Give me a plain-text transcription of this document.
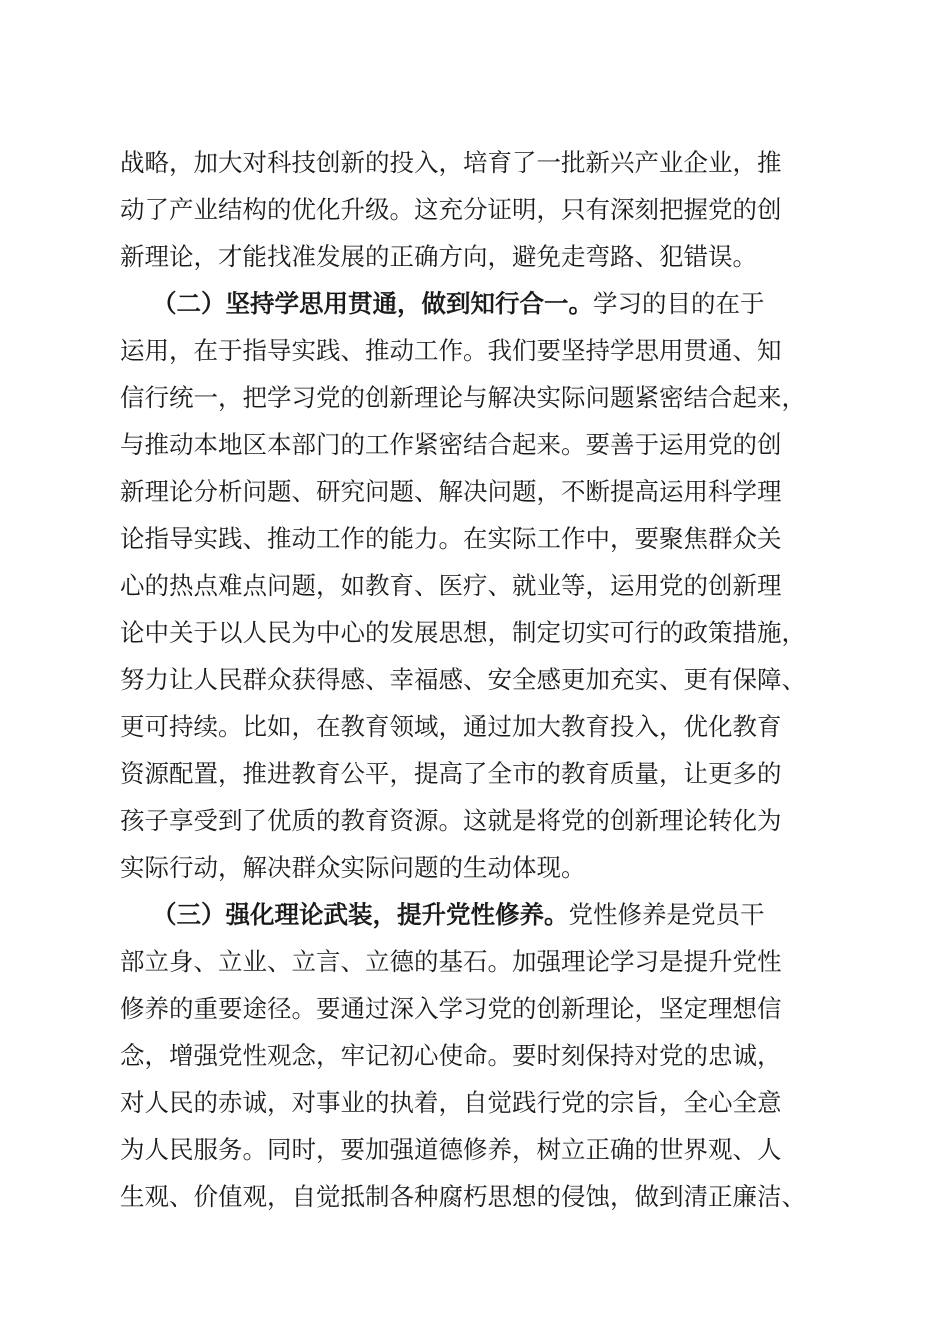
战略，加大对科技创新的投入，培育了一批新兴产业企业，推
动了产业结构的优化升级。这充分证明，只有深刻把握党的创
新理论，才能找准发展的正确方向，避免走弯路、犯错误。
（二）坚持学思用贯通，做到知行合一。学习的目的在于
运用，在于指导实践、推动工作。我们要坚持学思用贯通、知
信行统一，把学习党的创新理论与解决实际问题紧密结合起来，
与推动本地区本部门的工作紧密结合起来。要善于运用党的创
新理论分析问题、研究问题、解决问题，不断提高运用科学理
论指导实践、推动工作的能力。在实际工作中，要聚焦群众关
心的热点难点问题，如教育、医疗、就业等，运用党的创新理
论中关于以人民为中心的发展思想，制定切实可行的政策措施，
努力让人民群众获得感、幸福感、安全感更加充实、更有保障、
更可持续。比如，在教育领域，通过加大教育投入，优化教育
资源配置，推进教育公平，提高了全市的教育质量，让更多的
孩子享受到了优质的教育资源。这就是将党的创新理论转化为
实际行动，解决群众实际问题的生动体现。
（三）强化理论武装，提升党性修养。党性修养是党员干
部立身、立业、立言、立德的基石。加强理论学习是提升党性
修养的重要途径。要通过深入学习党的创新理论，坚定理想信
念，增强党性观念，牢记初心使命。要时刻保持对党的忠诚，
对人民的赤诚，对事业的执着，自觉践行党的宗旨，全心全意
为人民服务。同时，要加强道德修养，树立正确的世界观、人
生观、价值观，自觉抵制各种腐朽思想的侵蚀，做到清正廉洁、
